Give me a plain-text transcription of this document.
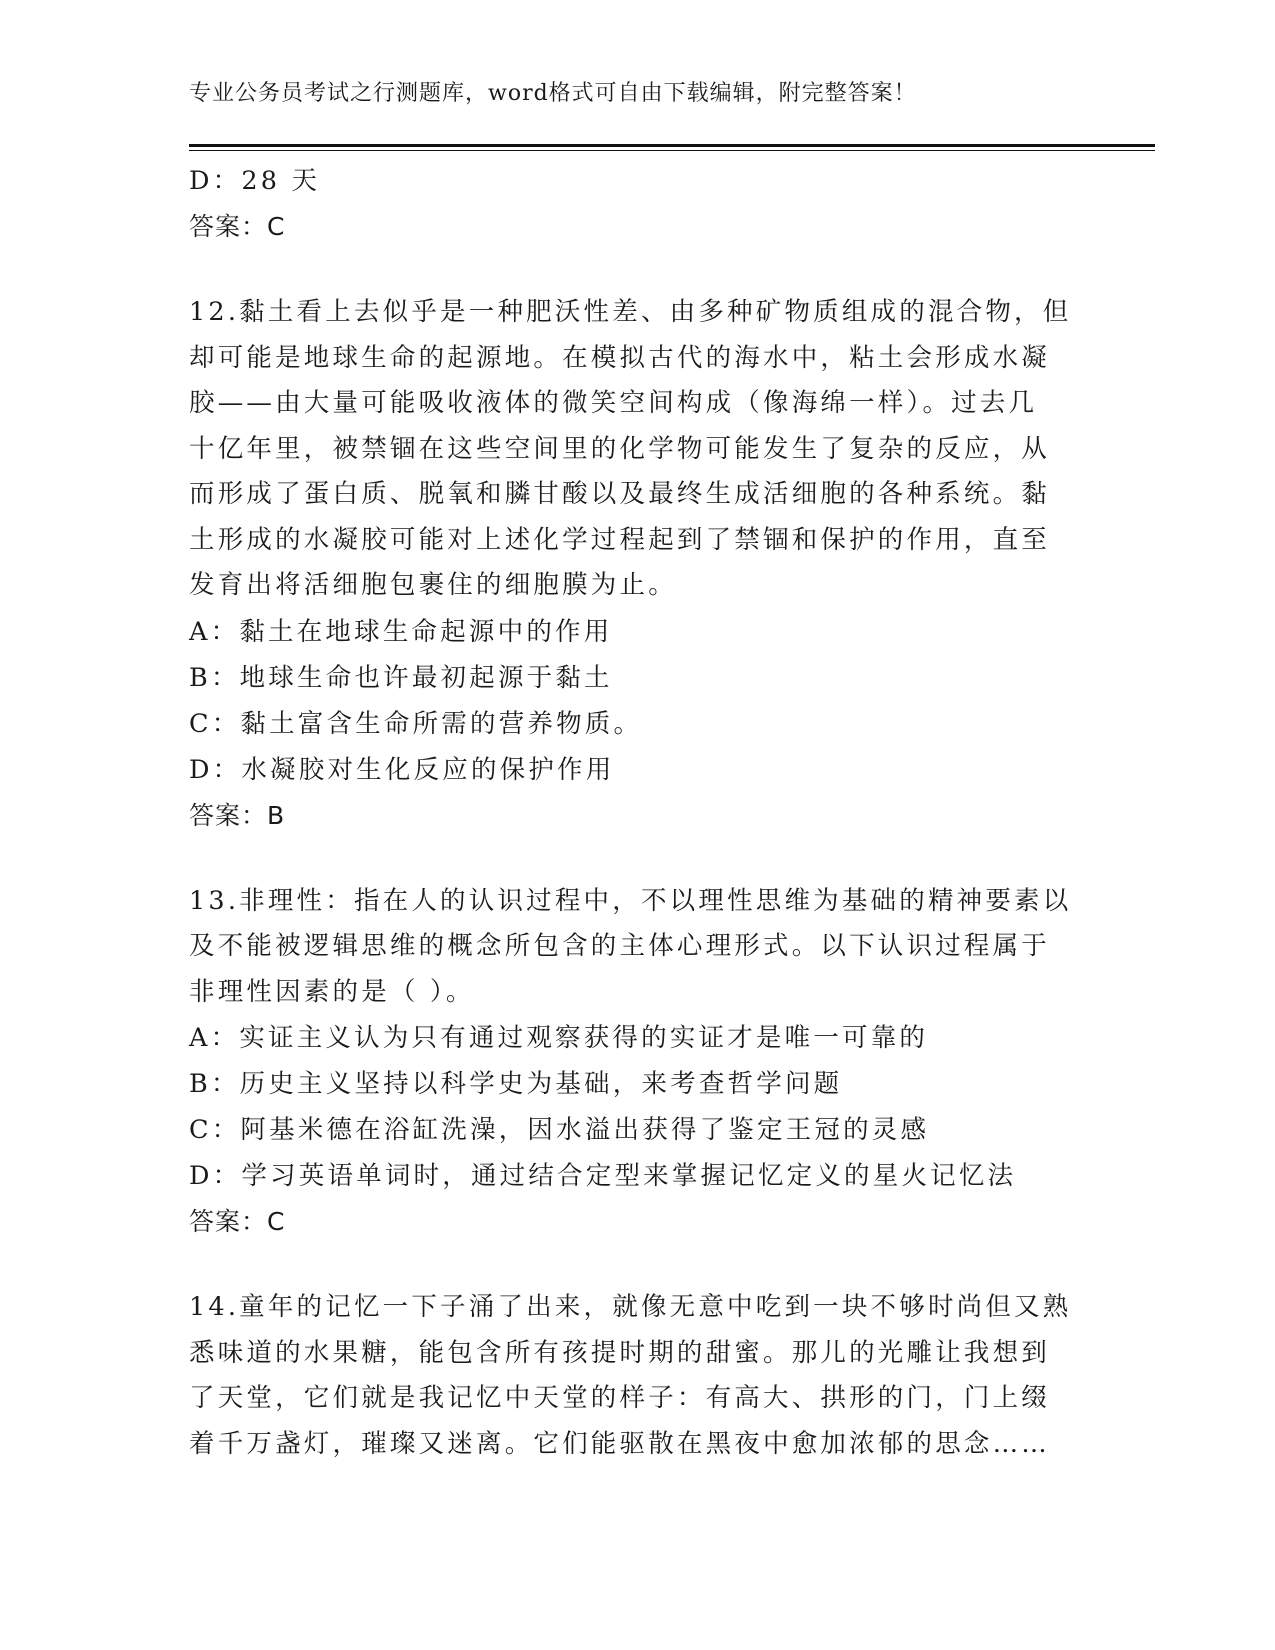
专业公务员考试之行测题库，word格式可自由下载编辑，附完整答案！
D：28 天
答案：C
12.黏土看上去似乎是一种肥沃性差、由多种矿物质组成的混合物，但
却可能是地球生命的起源地。在模拟古代的海水中，粘土会形成水凝
胶——由大量可能吸收液体的微笑空间构成（像海绵一样）。过去几
十亿年里，被禁锢在这些空间里的化学物可能发生了复杂的反应，从
而形成了蛋白质、脱氧和膦甘酸以及最终生成活细胞的各种系统。黏
土形成的水凝胶可能对上述化学过程起到了禁锢和保护的作用，直至
发育出将活细胞包裹住的细胞膜为止。
A：黏土在地球生命起源中的作用
B：地球生命也许最初起源于黏土
C：黏土富含生命所需的营养物质。
D：水凝胶对生化反应的保护作用
答案：B
13.非理性：指在人的认识过程中，不以理性思维为基础的精神要素以
及不能被逻辑思维的概念所包含的主体心理形式。以下认识过程属于
非理性因素的是（ ）。
A：实证主义认为只有通过观察获得的实证才是唯一可靠的
B：历史主义坚持以科学史为基础，来考查哲学问题
C：阿基米德在浴缸洗澡，因水溢出获得了鉴定王冠的灵感
D：学习英语单词时，通过结合定型来掌握记忆定义的星火记忆法
答案：C
14.童年的记忆一下子涌了出来，就像无意中吃到一块不够时尚但又熟
悉味道的水果糖，能包含所有孩提时期的甜蜜。那儿的光雕让我想到
了天堂，它们就是我记忆中天堂的样子：有高大、拱形的门，门上缀
着千万盏灯，璀璨又迷离。它们能驱散在黑夜中愈加浓郁的思念……
